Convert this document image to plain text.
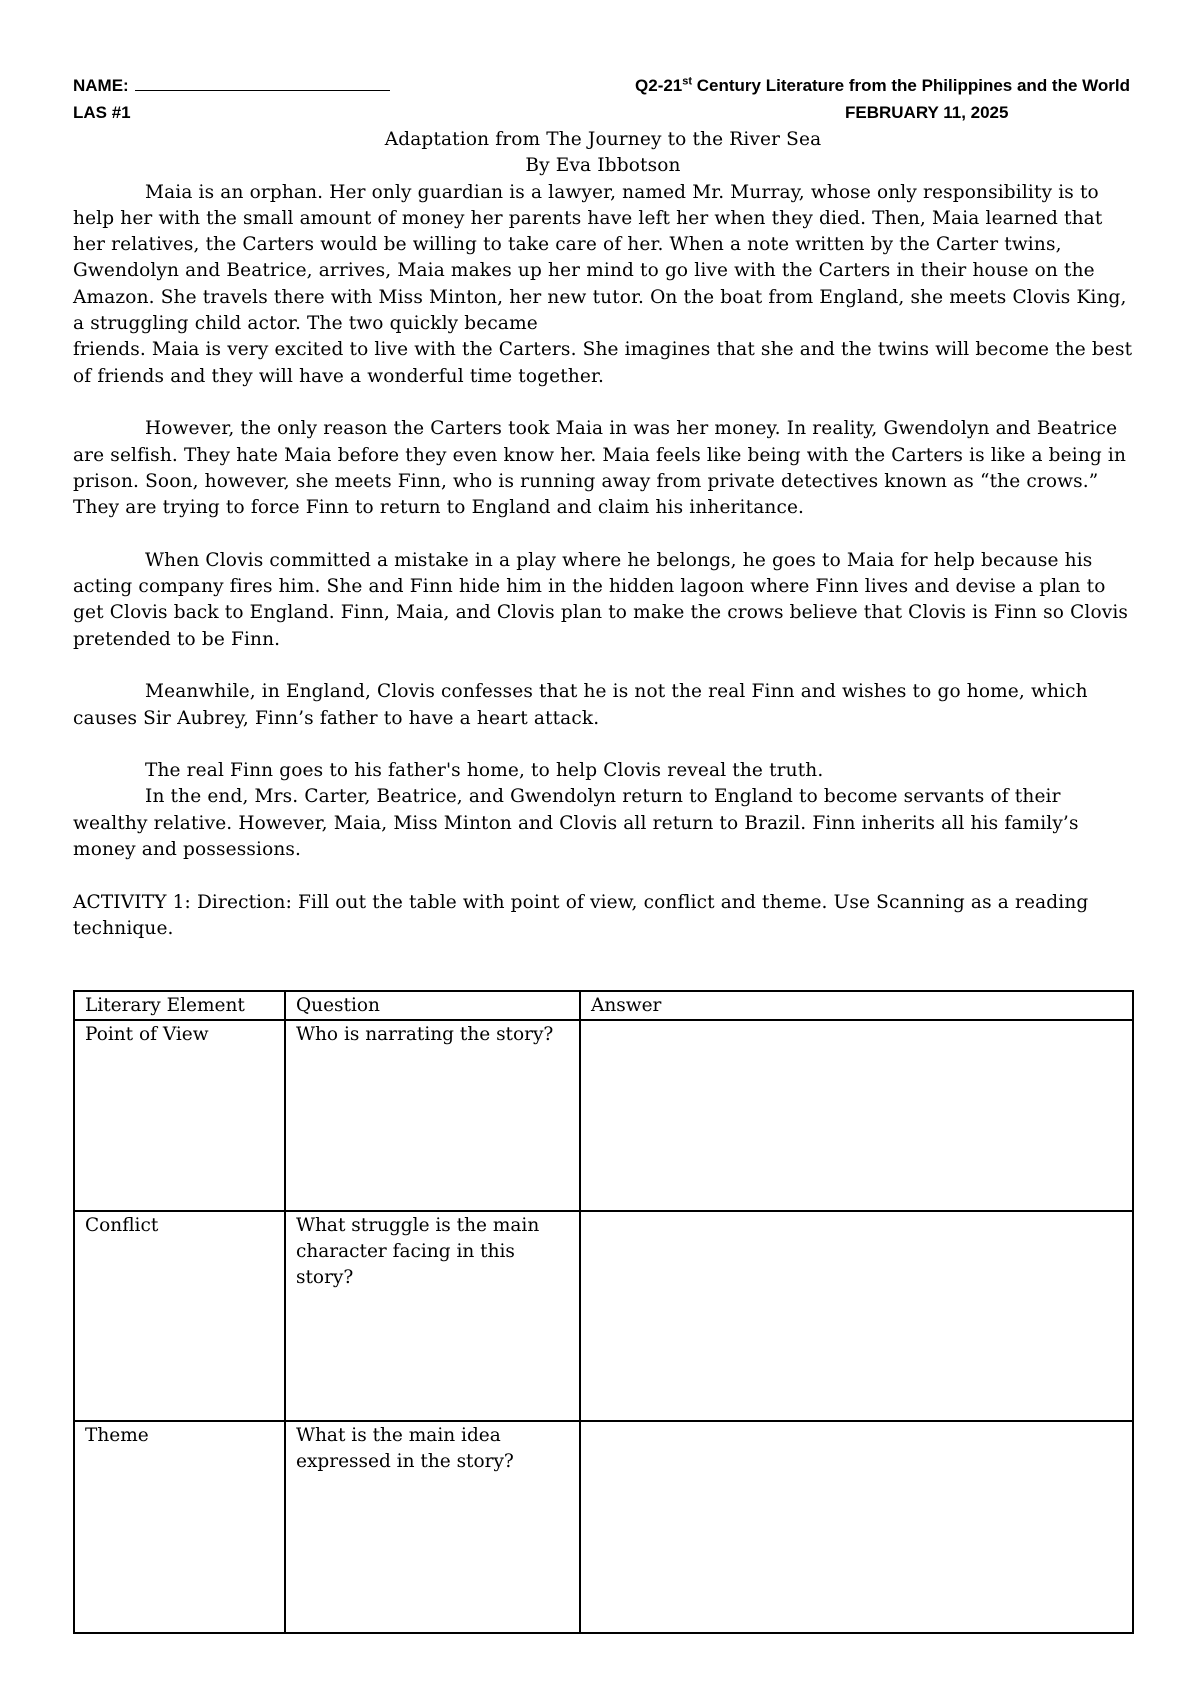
NAME:	Q2-21st Century Literature from the Philippines and the World
LAS #1	FEBRUARY 11, 2025

Adaptation from The Journey to the River Sea

By Eva Ibbotson

Maia is an orphan. Her only guardian is a lawyer, named Mr. Murray, whose only responsibility is to help her with the small amount of money her parents have left her when they died. Then, Maia learned that her relatives, the Carters would be willing to take care of her. When a note written by the Carter twins, Gwendolyn and Beatrice, arrives, Maia makes up her mind to go live with the Carters in their house on the Amazon. She travels there with Miss Minton, her new tutor. On the boat from England, she meets Clovis King, a struggling child actor. The two quickly became

friends. Maia is very excited to live with the Carters. She imagines that she and the twins will become the best of friends and they will have a wonderful time together.

However, the only reason the Carters took Maia in was her money. In reality, Gwendolyn and Beatrice are selfish. They hate Maia before they even know her. Maia feels like being with the Carters is like a being in prison. Soon, however, she meets Finn, who is running away from private detectives known as “the crows.” They are trying to force Finn to return to England and claim his inheritance.

When Clovis committed a mistake in a play where he belongs, he goes to Maia for help because his acting company fires him. She and Finn hide him in the hidden lagoon where Finn lives and devise a plan to get Clovis back to England. Finn, Maia, and Clovis plan to make the crows believe that Clovis is Finn so Clovis pretended to be Finn.

Meanwhile, in England, Clovis confesses that he is not the real Finn and wishes to go home, which causes Sir Aubrey, Finn’s father to have a heart attack.

The real Finn goes to his father's home, to help Clovis reveal the truth.

In the end, Mrs. Carter, Beatrice, and Gwendolyn return to England to become servants of their wealthy relative. However, Maia, Miss Minton and Clovis all return to Brazil. Finn inherits all his family’s money and possessions.

ACTIVITY 1: Direction: Fill out the table with point of view, conflict and theme. Use Scanning as a reading technique.

Literary Element	Question	Answer
Point of View	Who is narrating the story?	
Conflict	What struggle is the main character facing in this story?	
Theme	What is the main idea expressed in the story?	
